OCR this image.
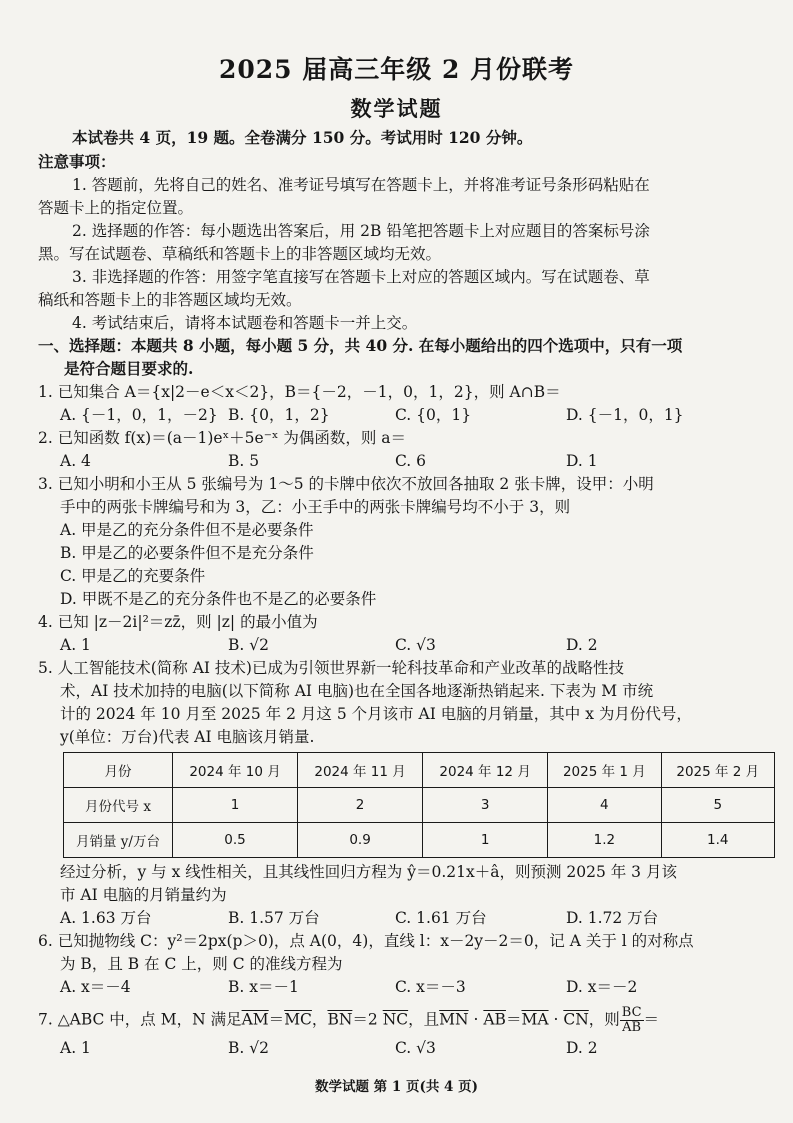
2025 届高三年级 2 月份联考
数学试题
本试卷共 4 页，19 题。全卷满分 150 分。考试用时 120 分钟。
注意事项：
1. 答题前，先将自己的姓名、准考证号填写在答题卡上，并将准考证号条形码粘贴在
答题卡上的指定位置。
2. 选择题的作答：每小题选出答案后，用 2B 铅笔把答题卡上对应题目的答案标号涂
黑。写在试题卷、草稿纸和答题卡上的非答题区域均无效。
3. 非选择题的作答：用签字笔直接写在答题卡上对应的答题区域内。写在试题卷、草
稿纸和答题卡上的非答题区域均无效。
4. 考试结束后，请将本试题卷和答题卡一并上交。
一、选择题：本题共 8 小题，每小题 5 分，共 40 分. 在每小题给出的四个选项中，只有一项
是符合题目要求的.
1. 已知集合 A＝{x|2－e＜x＜2}，B＝{－2，－1，0，1，2}，则 A∩B＝
A. {－1，0，1，－2} B. {0，1，2}	C. {0，1}	D. {－1，0，1}
2. 已知函数 f(x)＝(a－1)eˣ＋5e⁻ˣ 为偶函数，则 a＝
A. 4	B. 5	C. 6	D. 1
3. 已知小明和小王从 5 张编号为 1～5 的卡牌中依次不放回各抽取 2 张卡牌，设甲：小明
手中的两张卡牌编号和为 3，乙：小王手中的两张卡牌编号均不小于 3，则
A. 甲是乙的充分条件但不是必要条件
B. 甲是乙的必要条件但不是充分条件
C. 甲是乙的充要条件
D. 甲既不是乙的充分条件也不是乙的必要条件
4. 已知 |z－2i|²＝zz̄，则 |z| 的最小值为
A. 1	B. √2	C. √3	D. 2
5. 人工智能技术(简称 AI 技术)已成为引领世界新一轮科技革命和产业改革的战略性技
术，AI 技术加持的电脑(以下简称 AI 电脑)也在全国各地逐渐热销起来. 下表为 M 市统
计的 2024 年 10 月至 2025 年 2 月这 5 个月该市 AI 电脑的月销量，其中 x 为月份代号，
月份	2024 年 10 月	2024 年 11 月	2024 年 12 月	2025 年 1 月	2025 年 2 月
月份代号 x	1	2	3	4	5
月销量 y/万台	0.5	0.9	1	1.2	1.4
y(单位：万台)代表 AI 电脑该月销量.
经过分析，y 与 x 线性相关，且其线性回归方程为 ŷ＝0.21x＋â，则预测 2025 年 3 月该
市 AI 电脑的月销量约为
A. 1.63 万台	B. 1.57 万台	C. 1.61 万台	D. 1.72 万台
6. 已知抛物线 C：y²＝2px(p＞0)，点 A(0，4)，直线 l：x－2y－2＝0，记 A 关于 l 的对称点
为 B，且 B 在 C 上，则 C 的准线方程为
A. x＝－4	B. x＝－1	C. x＝－3	D. x＝－2
7. △ABC 中，点 M，N 满足$\overline{AM}=\overline{MC}$，$\overline{BN}=2$ $\overline{NC}$，且$\overline{MN} \cdot \overline{AB}=\overline{MA} \cdot \overline{CN}$，则 $\frac{BC}{AB}$ ＝
A. 1	B. √2	C. √3	D. 2
数学试题 第 1 页(共 4 页)
